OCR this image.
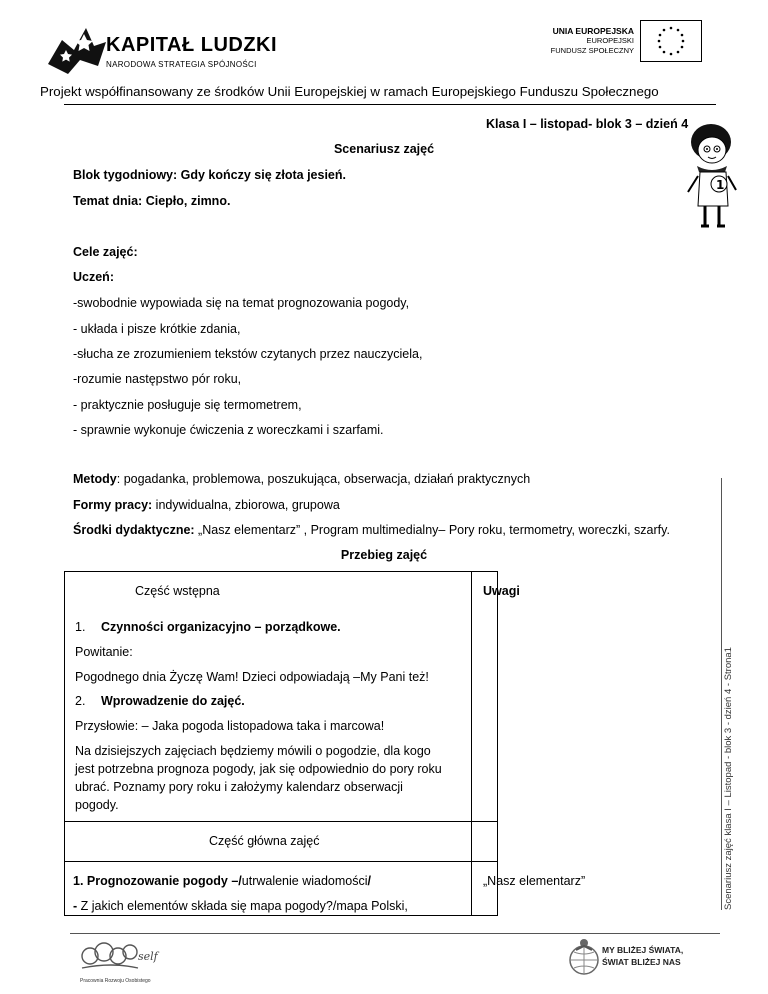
KAPITAŁ LUDZKI
NARODOWA STRATEGIA SPÓJNOŚCI
UNIA EUROPEJSKA
EUROPEJSKI
FUNDUSZ SPOŁECZNY
Projekt współfinansowany ze środków Unii Europejskiej w ramach Europejskiego Funduszu Społecznego
Klasa I – listopad- blok 3 – dzień 4
Scenariusz zajęć
1
Blok tygodniowy: Gdy kończy się złota jesień.
Temat dnia: Ciepło, zimno.
Cele zajęć:
Uczeń:
-swobodnie wypowiada się na temat prognozowania pogody,
- układa i pisze krótkie zdania,
-słucha ze zrozumieniem tekstów czytanych przez nauczyciela,
-rozumie następstwo pór roku,
- praktycznie posługuje się termometrem,
- sprawnie wykonuje ćwiczenia z woreczkami i szarfami.
Metody: pogadanka, problemowa, poszukująca, obserwacja, działań praktycznych
Formy pracy: indywidualna, zbiorowa, grupowa
Środki dydaktyczne: „Nasz elementarz” , Program multimedialny– Pory roku, termometry, woreczki, szarfy.
Przebieg zajęć
Część wstępna	Uwagi
1. Czynności organizacyjno – porządkowe.
Powitanie:
Pogodnego dnia Życzę Wam! Dzieci odpowiadają –My Pani też!
2. Wprowadzenie do zajęć.
Przysłowie: – Jaka pogoda listopadowa taka i marcowa!
Na dzisiejszych zajęciach będziemy mówili o pogodzie, dla kogo
jest potrzebna prognoza pogody, jak się odpowiednio do pory roku
ubrać. Poznamy pory roku i założymy kalendarz obserwacji
pogody.
Część główna zajęć
1. Prognozowanie pogody –/utrwalenie wiadomości/
- Z jakich elementów składa się mapa pogody?/mapa Polski,
„Nasz elementarz”	Scenariusz zajęć klasa I – Listopad - blok 3 - dzień 4 - Strona1
self
Pracownia Rozwoju Osobistego
MY BLIŻEJ ŚWIATA,
ŚWIAT BLIŻEJ NAS
